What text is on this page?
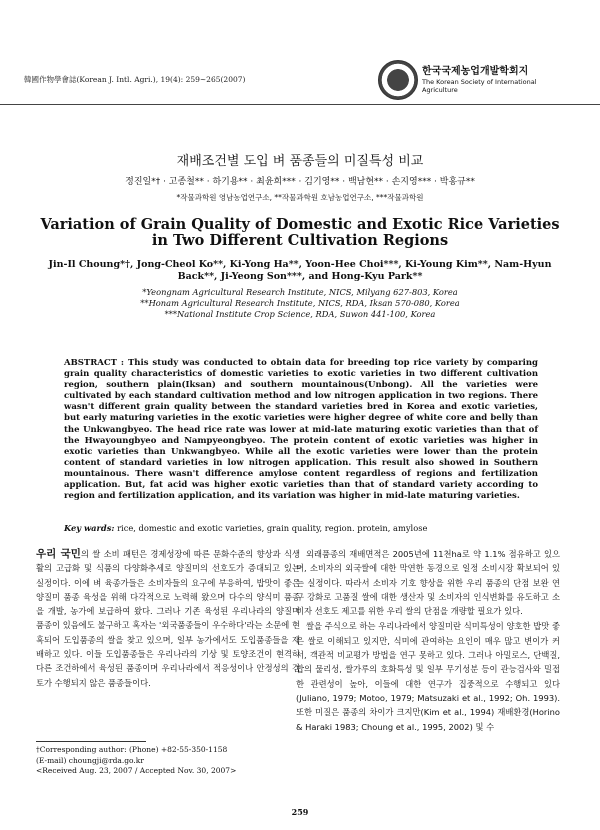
韓國作物學會誌(Korean J. Intl. Agri.), 19(4): 259~265(2007)
한국국제농업개발학회지
The Korean Society of International Agriculture
재배조건별 도입 벼 품종들의 미질특성 비교
정진일*† · 고종철** · 하기용** · 최윤희*** · 김기영** · 백남현** · 손지영*** · 박홍규**
*작물과학원 영남농업연구소, **작물과학원 호남농업연구소, ***작물과학원
Variation of Grain Quality of Domestic and Exotic Rice Varieties in Two Different Cultivation Regions
Jin-Il Choung*†, Jong-Cheol Ko**, Ki-Yong Ha**, Yoon-Hee Choi***, Ki-Young Kim**, Nam-Hyun Back**, Ji-Yeong Son***, and Hong-Kyu Park**
*Yeongnam Agricultural Research Institute, NICS, Milyang 627-803, Korea
**Honam Agricultural Research Institute, NICS, RDA, Iksan 570-080, Korea
***National Institute Crop Science, RDA, Suwon 441-100, Korea
ABSTRACT : This study was conducted to obtain data for breeding top rice variety by comparing grain quality characteristics of domestic varieties to exotic varieties in two different cultivation region, southern plain(Iksan) and southern mountainous(Unbong). All the varieties were cultivated by each standard cultivation method and low nitrogen application in two regions. There wasn't different grain quality between the standard varieties bred in Korea and exotic varieties, but early maturing varieties in the exotic varieties were higher degree of white core and belly than the Unkwangbyeo. The head rice rate was lower at mid-late maturing exotic varieties than that of the Hwayoungbyeo and Nampyeongbyeo. The protein content of exotic varieties was higher in exotic varieties than Unkwangbyeo. While all the exotic varieties were lower than the protein content of standard varieties in low nitrogen application. This result also showed in Southern mountainous. There wasn't difference amylose content regardless of regions and fertilization application. But, fat acid was higher exotic varieties than that of standard variety according to region and fertilization application, and its variation was higher in mid-late maturing varieties.
Key wards: rice, domestic and exotic varieties, grain quality, region. protein, amylose

우리 국민의 쌀 소비 패턴은 경제성장에 따른 문화수준의 향상과 식생활의 고급화 및 식품의 다양화추세로 양질미의 선호도가 증대되고 있는 실정이다. 이에 벼 육종가들은 소비자들의 요구에 부응하여, 밥맛이 좋은 양질미 품종 육성을 위해 다각적으로 노력해 왔으며 다수의 양식미 품종을 개발, 농가에 보급하여 왔다. 그러나 기존 육성된 우리나라의 양질미 품종이 있음에도 불구하고 혹자는 '외국품종들이 우수하다'라는 소문에 현혹되어 도입품종의 쌀을 찾고 있으며, 일부 농가에서도 도입품종들을 재배하고 있다. 이들 도입품종들은 우리나라의 기상 및 토양조건이 현격히 다른 조건하에서 육성된 품종이며 우리나라에서 적응성이나 안정성의 검토가 수행되지 않은 품종들이다.

외래품종의 재배면적은 2005년에 11천ha로 약 1.1% 점유하고 있으며, 소비자의 외국쌀에 대한 막연한 동경으로 일정 소비시장 확보되어 있는 실정이다. 따라서 소비자 기호 향상을 위한 우리 품종의 단점 보완 연구 강화로 고품질 쌀에 대한 생산자 및 소비자의 인식변화를 유도하고 소비자 선호도 제고를 위한 우리 쌀의 단점을 개량할 필요가 있다.

쌀을 주식으로 하는 우리나라에서 양질미란 식미특성이 양호한 밥맛 좋은 쌀로 이해되고 있지만, 식미에 관여하는 요인이 매우 많고 변이가 커서, 객관적 비교평가 방법을 연구 못하고 있다. 그러나 아밀로스, 단백질, 밥의 물리성, 쌀가루의 호화특성 및 일부 무기성분 등이 관능검사와 밀접한 관련성이 높아, 이들에 대한 연구가 집중적으로 수행되고 있다(Juliano, 1979; Motoo, 1979; Matsuzaki et al., 1992; Oh. 1993). 또한 미질은 품종의 차이가 크지만(Kim et al., 1994) 재배환경(Horino & Haraki 1983; Choung et al., 1995, 2002) 및 수

†Corresponding author: (Phone) +82-55-350-1158
(E-mail) choungji@rda.go.kr
<Received Aug. 23, 2007 / Accepted Nov. 30, 2007>
259
